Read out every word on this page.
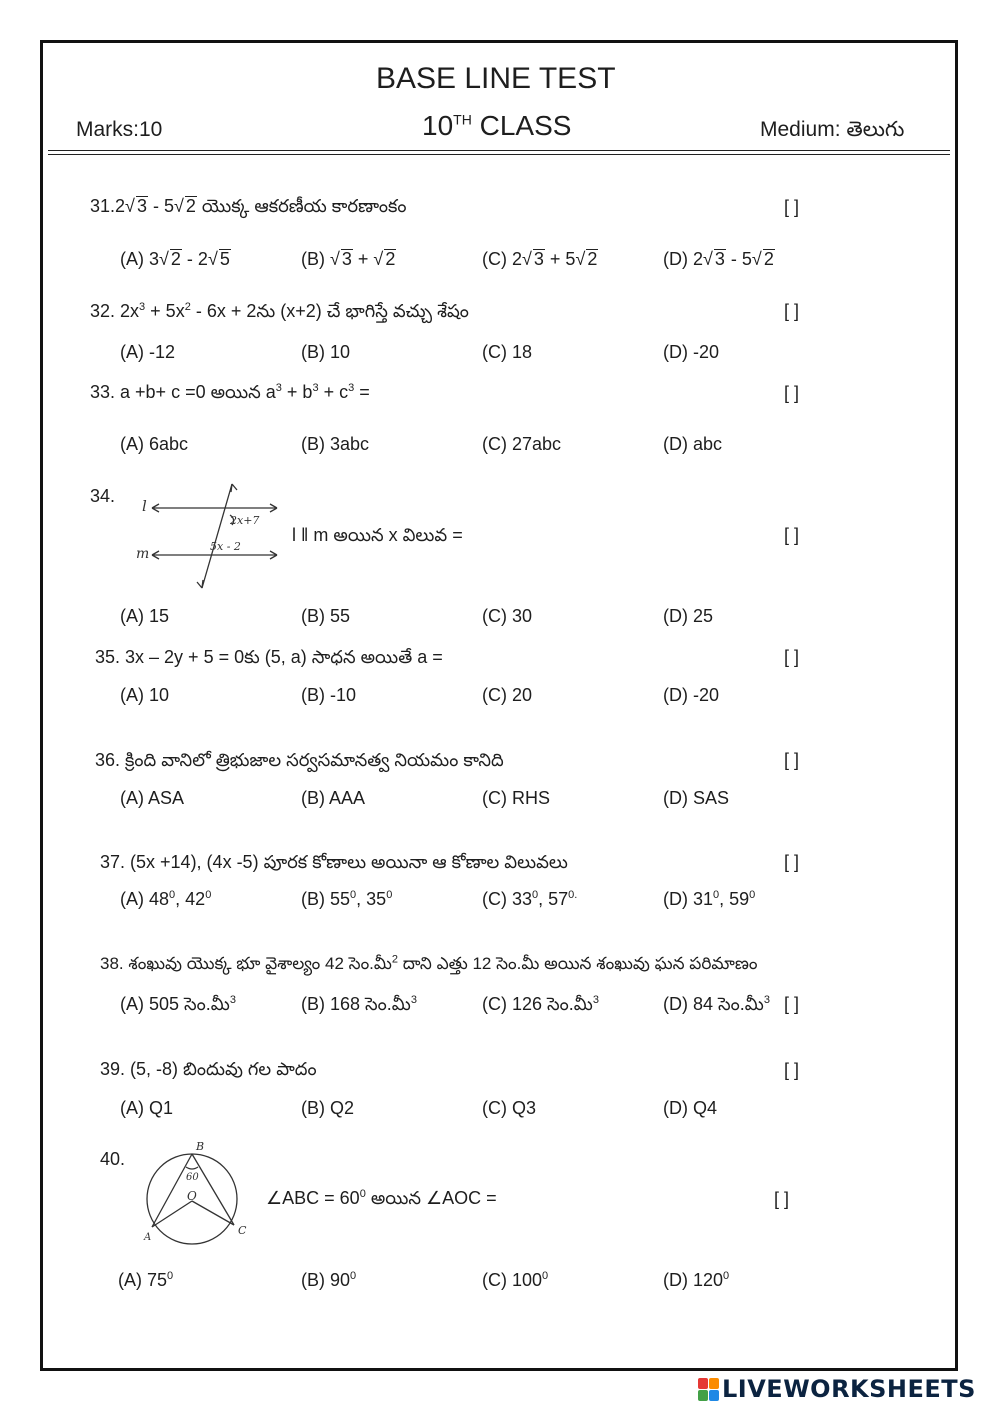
BASE LINE TEST
Marks:10	10TH CLASS	Medium: తెలుగు
31.2√ 3 - 5√ 2 యొక్క ఆకరణీయ కారణాంకం	[ ]
(A) 3√ 2 - 2√ 5	(B) √ 3 + √ 2	(C) 2√ 3 + 5√ 2	(D) 2√ 3 - 5√ 2
32. $2x^3 + 5x^2 - 6x$ + 2ను (x+2) చే భాగిస్తే వచ్చు శేషం	[ ]
(A) -12	(B) 10	(C) 18	(D) -20
33. a +b+ c =0 అయిన $a^3 + b^3 + c^3$ =	[ ]
(A) 6abc	(B) 3abc	(C) 27abc	(D) abc
34. l
m
2x+7
5x - 2
l ǁ m అయిన x విలువ =	[ ]
(A) 15	(B) 55	(C) 30	(D) 25
35. 3x – 2y + 5 = 0కు (5, a) సాధన అయితే a =	[ ]
(A) 10	(B) -10	(C) 20	(D) -20
36. క్రింది వానిలో త్రిభుజాల సర్వసమానత్వ నియమం కానిది	[ ]
(A) ASA	(B) AAA	(C) RHS	(D) SAS
37. (5x +14), (4x -5) పూరక కోణాలు అయినా ఆ కోణాల విలువలు	[ ]
(A) $48^0$, $42^0$	(B) $55^0$, $35^0$	(C) $33^0$, $57^{0.}$	(D) $31^0$, $59^0$
38. శంఖువు యొక్క భూ వైశాల్యం 42 సెం.మీ$^2$ దాని ఎత్తు 12 సెం.మీ అయిన శంఖువు ఘన పరిమాణం
(A) 505 సెం.మీ$^3$	(B) 168 సెం.మీ$^3$	(C) 126 సెం.మీ$^3$	(D) 84 సెం.మీ$^3$ [ ]
39. (5, -8) బిందువు గల పాదం	[ ]
(A) Q1	(B) Q2	(C) Q3	(D) Q4
40.
B
A
C
60
O	∠ABC = $60^0$ అయిన ∠AOC =	[ ]
(A) $75^0$	(B) $90^0$	(C) $100^0$	(D) $120^0$
LIVEWORKSHEETS
